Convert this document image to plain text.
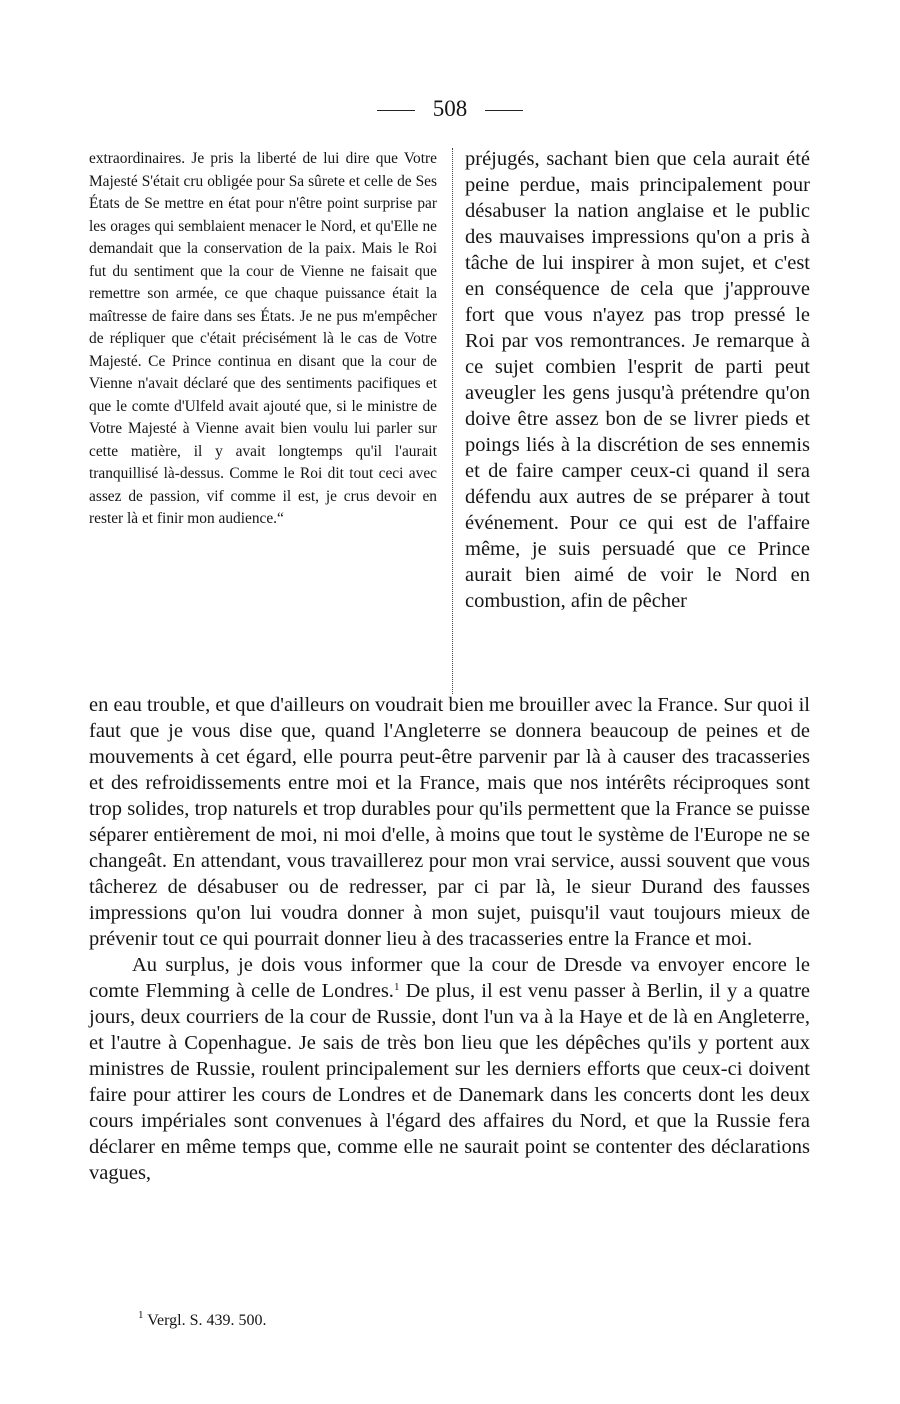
508
extraordinaires. Je pris la liberté de lui dire que Votre Majesté S'était cru obligée pour Sa sûrete et celle de Ses États de Se mettre en état pour n'être point surprise par les orages qui semblaient menacer le Nord, et qu'Elle ne demandait que la conservation de la paix. Mais le Roi fut du sentiment que la cour de Vienne ne faisait que remettre son armée, ce que chaque puissance était la maîtresse de faire dans ses États. Je ne pus m'empêcher de répliquer que c'était précisément là le cas de Votre Majesté. Ce Prince continua en disant que la cour de Vienne n'avait déclaré que des sentiments pacifiques et que le comte d'Ulfeld avait ajouté que, si le ministre de Votre Majesté à Vienne avait bien voulu lui parler sur cette matière, il y avait longtemps qu'il l'aurait tranquillisé là-dessus. Comme le Roi dit tout ceci avec assez de passion, vif comme il est, je crus devoir en rester là et finir mon audience.“
préjugés, sachant bien que cela aurait été peine perdue, mais principalement pour désabuser la nation anglaise et le public des mauvaises impressions qu'on a pris à tâche de lui inspirer à mon sujet, et c'est en conséquence de cela que j'approuve fort que vous n'ayez pas trop pressé le Roi par vos remontrances. Je remarque à ce sujet combien l'esprit de parti peut aveugler les gens jusqu'à prétendre qu'on doive être assez bon de se livrer pieds et poings liés à la discrétion de ses ennemis et de faire camper ceux-ci quand il sera défendu aux autres de se préparer à tout événement. Pour ce qui est de l'affaire même, je suis persuadé que ce Prince aurait bien aimé de voir le Nord en combustion, afin de pêcher

en eau trouble, et que d'ailleurs on voudrait bien me brouiller avec la France. Sur quoi il faut que je vous dise que, quand l'Angleterre se donnera beaucoup de peines et de mouvements à cet égard, elle pourra peut-être parvenir par là à causer des tracasseries et des refroidissements entre moi et la France, mais que nos intérêts réciproques sont trop solides, trop naturels et trop durables pour qu'ils permettent que la France se puisse séparer entièrement de moi, ni moi d'elle, à moins que tout le système de l'Europe ne se changeât. En attendant, vous travaillerez pour mon vrai service, aussi souvent que vous tâcherez de désabuser ou de redresser, par ci par là, le sieur Durand des fausses impressions qu'on lui voudra donner à mon sujet, puisqu'il vaut toujours mieux de prévenir tout ce qui pourrait donner lieu à des tracasseries entre la France et moi.

Au surplus, je dois vous informer que la cour de Dresde va envoyer encore le comte Flemming à celle de Londres.$^1$ De plus, il est venu passer à Berlin, il y a quatre jours, deux courriers de la cour de Russie, dont l'un va à la Haye et de là en Angleterre, et l'autre à Copenhague. Je sais de très bon lieu que les dépêches qu'ils y portent aux ministres de Russie, roulent principalement sur les derniers efforts que ceux-ci doivent faire pour attirer les cours de Londres et de Danemark dans les concerts dont les deux cours impériales sont convenues à l'égard des affaires du Nord, et que la Russie fera déclarer en même temps que, comme elle ne saurait point se contenter des déclarations vagues,

$^1$ Vergl. S. 439. 500.
